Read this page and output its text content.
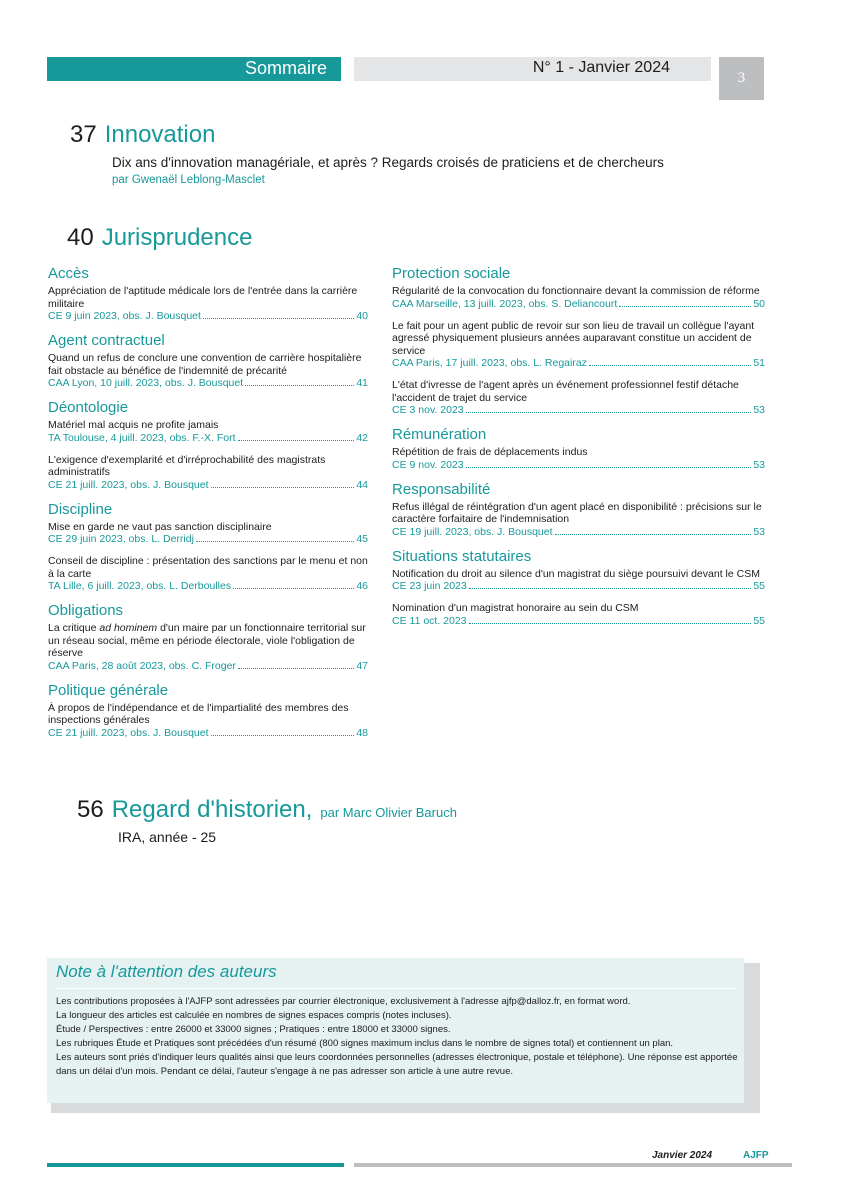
Sommaire	N° 1 - Janvier 2024
3
37 Innovation
Dix ans d'innovation managériale, et après ? Regards croisés de praticiens et de chercheurs
par Gwenaël Leblong-Masclet
40 Jurisprudence
Accès
Appréciation de l'aptitude médicale lors de l'entrée dans la carrière militaire
CE 9 juin 2023, obs. J. Bousquet	40
Agent contractuel
Quand un refus de conclure une convention de carrière hospitalière fait obstacle au bénéfice de l'indemnité de précarité
CAA Lyon, 10 juill. 2023, obs. J. Bousquet	41
Déontologie
Matériel mal acquis ne profite jamais
TA Toulouse, 4 juill. 2023, obs. F.-X. Fort	42
L'exigence d'exemplarité et d'irréprochabilité des magistrats administratifs
CE 21 juill. 2023, obs. J. Bousquet	44
Discipline
Mise en garde ne vaut pas sanction disciplinaire
CE 29 juin 2023, obs. L. Derridj	45
Conseil de discipline : présentation des sanctions par le menu et non à la carte
TA Lille, 6 juill. 2023, obs. L. Derboulles	46
Obligations
La critique ad hominem d'un maire par un fonctionnaire territorial sur un réseau social, même en période électorale, viole l'obligation de réserve
CAA Paris, 28 août 2023, obs. C. Froger	47
Politique générale
À propos de l'indépendance et de l'impartialité des membres des inspections générales
CE 21 juill. 2023, obs. J. Bousquet	48
Protection sociale
Régularité de la convocation du fonctionnaire devant la commission de réforme
CAA Marseille, 13 juill. 2023, obs. S. Deliancourt	50
Le fait pour un agent public de revoir sur son lieu de travail un collègue l'ayant agressé physiquement plusieurs années auparavant constitue un accident de service
CAA Paris, 17 juill. 2023, obs. L. Regairaz	51
L'état d'ivresse de l'agent après un événement professionnel festif détache l'accident de trajet du service
CE 3 nov. 2023	53
Rémunération
Répétition de frais de déplacements indus
CE 9 nov. 2023	53
Responsabilité
Refus illégal de réintégration d'un agent placé en disponibilité : précisions sur le caractère forfaitaire de l'indemnisation
CE 19 juill. 2023, obs. J. Bousquet	53
Situations statutaires
Notification du droit au silence d'un magistrat du siège poursuivi devant le CSM
CE 23 juin 2023	55
Nomination d'un magistrat honoraire au sein du CSM
CE 11 oct. 2023	55
56 Regard d'historien, par Marc Olivier Baruch
IRA, année - 25
Note à l'attention des auteurs

Les contributions proposées à l'AJFP sont adressées par courrier électronique, exclusivement à l'adresse ajfp@dalloz.fr, en format word.

La longueur des articles est calculée en nombres de signes espaces compris (notes incluses).

Étude / Perspectives : entre 26000 et 33000 signes ; Pratiques : entre 18000 et 33000 signes.

Les rubriques Étude et Pratiques sont précédées d'un résumé (800 signes maximum inclus dans le nombre de signes total) et contiennent un plan.

Les auteurs sont priés d'indiquer leurs qualités ainsi que leurs coordonnées personnelles (adresses électronique, postale et téléphone). Une réponse est apportée dans un délai d'un mois. Pendant ce délai, l'auteur s'engage à ne pas adresser son article à une autre revue.

Janvier 2024	AJFP
